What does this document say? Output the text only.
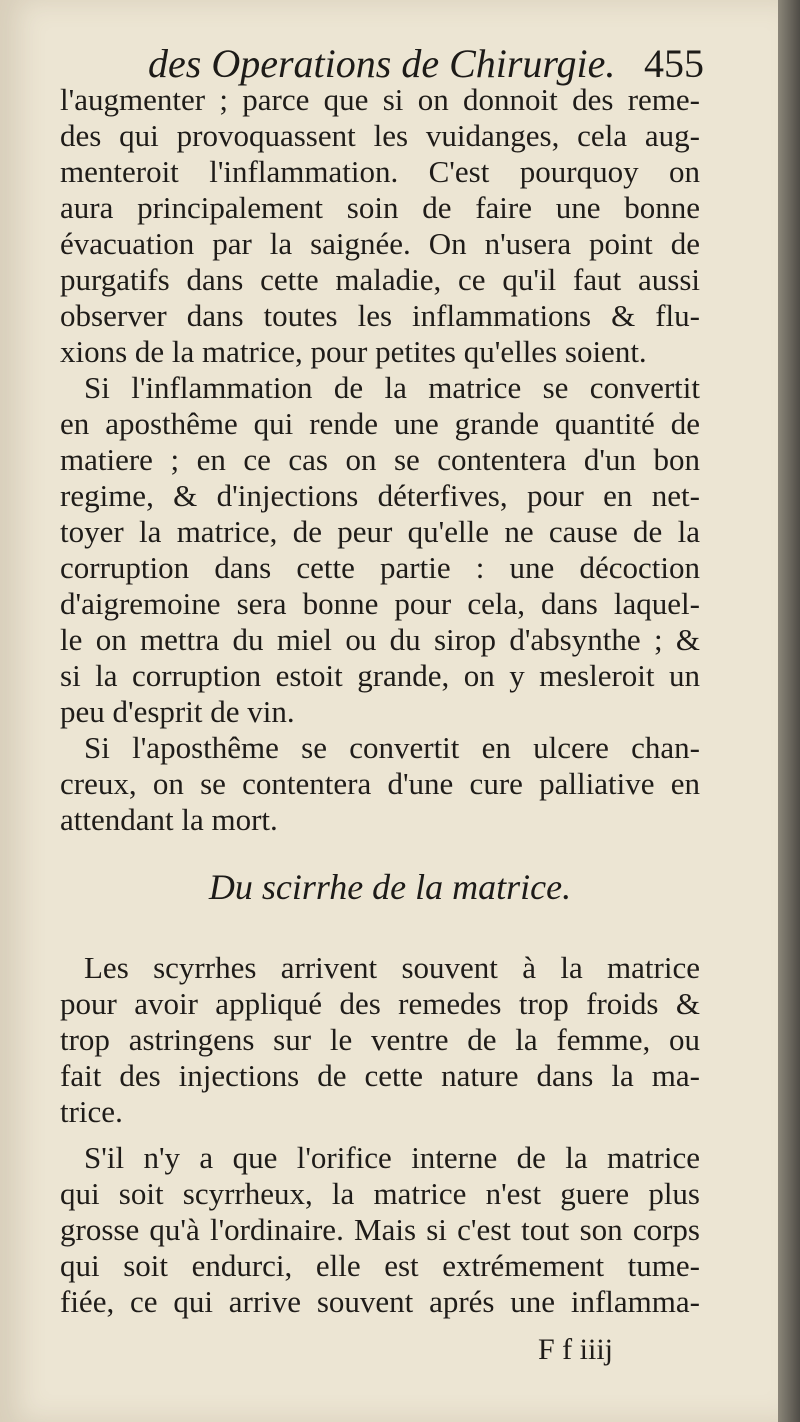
des Operations de Chirurgie. 455
l'augmenter ; parce que si on donnoit des reme-
des qui provoquassent les vuidanges, cela aug-
menteroit l'inflammation. C'est pourquoy on
aura principalement soin de faire une bonne
évacuation par la saignée. On n'usera point de
purgatifs dans cette maladie, ce qu'il faut aussi
observer dans toutes les inflammations & flu-
xions de la matrice, pour petites qu'elles soient.
Si l'inflammation de la matrice se convertit
en aposthême qui rende une grande quantité de
matiere ; en ce cas on se contentera d'un bon
regime, & d'injections déterfives, pour en net-
toyer la matrice, de peur qu'elle ne cause de la
corruption dans cette partie : une décoction
d'aigremoine sera bonne pour cela, dans laquel-
le on mettra du miel ou du sirop d'absynthe ; &
si la corruption estoit grande, on y mesleroit un
peu d'esprit de vin.
Si l'aposthême se convertit en ulcere chan-
creux, on se contentera d'une cure palliative en
attendant la mort.
Du scirrhe de la matrice.
Les scyrrhes arrivent souvent à la matrice
pour avoir appliqué des remedes trop froids &
trop astringens sur le ventre de la femme, ou
fait des injections de cette nature dans la ma-
trice.
S'il n'y a que l'orifice interne de la matrice
qui soit scyrrheux, la matrice n'est guere plus
grosse qu'à l'ordinaire. Mais si c'est tout son corps
qui soit endurci, elle est extrémement tume-
fiée, ce qui arrive souvent aprés une inflamma-
F f iiij
